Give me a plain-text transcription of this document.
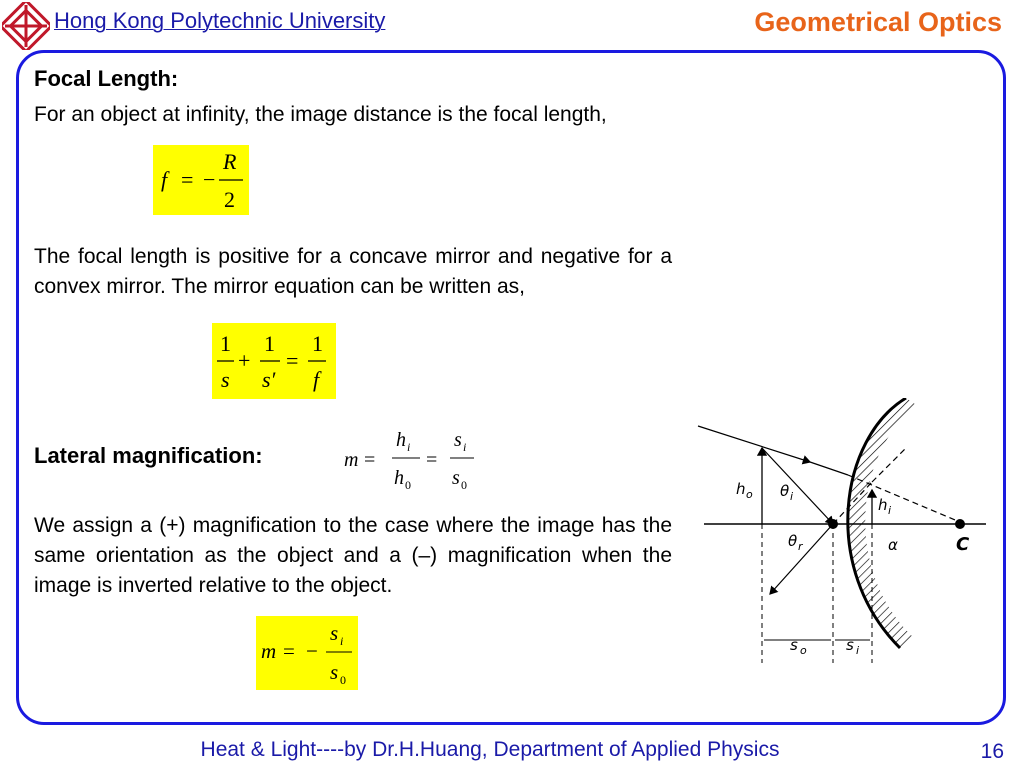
Hong Kong Polytechnic University	Geometrical Optics
Focal Length:
For an object at infinity, the image distance is the focal length,
f = −
R
2
The focal length is positive for a concave mirror and negative for a convex mirror. The mirror equation can be written as,
1
s
+
1
s′
=
1
f
Lateral magnification:	m =
h i
h 0
=
s i
s 0
We assign a (+) magnification to the case where the image has the same orientation as the object and a (–) magnification when the image is inverted relative to the object.
m = −
s i
s 0
h o θ i	h i
θ r	α	C
s o	s i
Heat & Light----by Dr.H.Huang, Department of Applied Physics	16
